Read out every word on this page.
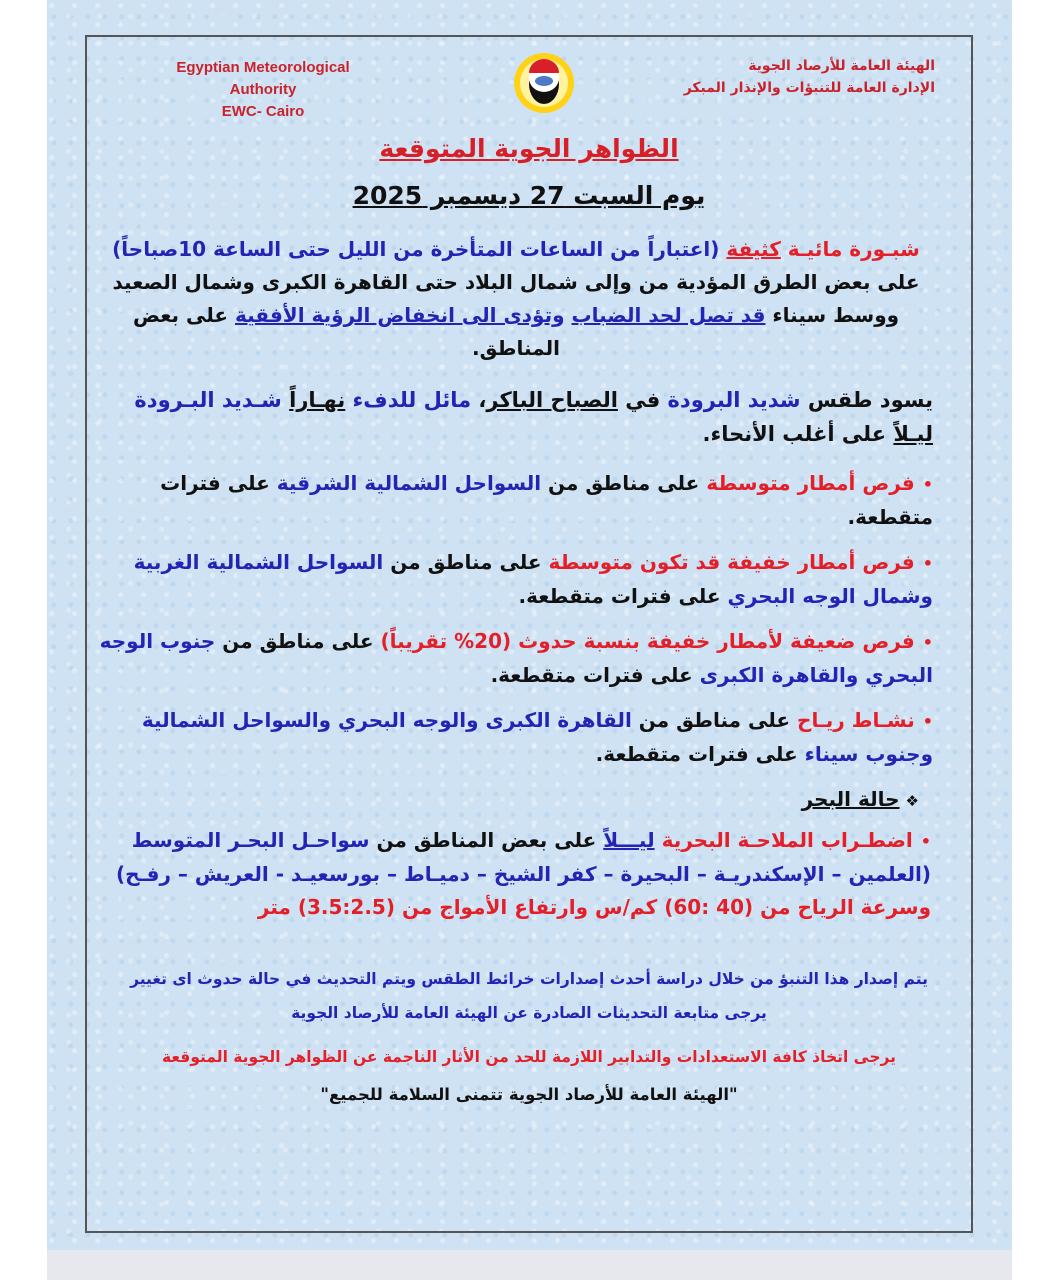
Egyptian Meteorological Authority
EWC- Cairo
الهيئة العامة للأرصاد الجوية
الإدارة العامة للتنبؤات والإنذار المبكر
الظواهر الجوية المتوقعة
يوم السبت 27 ديسمبر 2025
شبـورة مائيـة كثيفة (اعتباراً من الساعات المتأخرة من الليل حتى الساعة 10صباحاً) على بعض الطرق المؤدية من وإلى شمال البلاد حتى القاهرة الكبرى وشمال الصعيد ووسط سيناء قد تصل لحد الضباب وتؤدى الى انخفاض الرؤية الأفقية على بعض المناطق.
يسود طقس شديد البرودة في الصباح الباكر، مائل للدفء نهـاراً شـديد البـرودة ليـلاً على أغلب الأنحاء.
•فرص أمطار متوسطة على مناطق من السواحل الشمالية الشرقية على فترات متقطعة.
•فرص أمطار خفيفة قد تكون متوسطة على مناطق من السواحل الشمالية الغربية وشمال الوجه البحري على فترات متقطعة.
•فرص ضعيفة لأمطار خفيفة بنسبة حدوث (20% تقريباً) على مناطق من جنوب الوجه البحري والقاهرة الكبرى على فترات متقطعة.
•نشـاط ريـاح على مناطق من القاهرة الكبرى والوجه البحري والسواحل الشمالية وجنوب سيناء على فترات متقطعة.
❖حالة البحر
•اضطـراب الملاحـة البحرية ليـــلاً على بعض المناطق من سواحـل البحـر المتوسط (العلمين – الإسكندريـة – البحيرة – كفر الشيخ – دميـاط – بورسعيـد - العريش – رفـح) وسرعة الرياح من (40 :60) كم/س وارتفاع الأمواج من (3.5:2.5) متر
يتم إصدار هذا التنبؤ من خلال دراسة أحدث إصدارات خرائط الطقس ويتم التحديث في حالة حدوث اى تغيير
يرجى متابعة التحديثات الصادرة عن الهيئة العامة للأرصاد الجوية
يرجى اتخاذ كافة الاستعدادات والتدابير اللازمة للحد من الأثار الناجمة عن الظواهر الجوية المتوقعة
"الهيئة العامة للأرصاد الجوية تتمنى السلامة للجميع"
